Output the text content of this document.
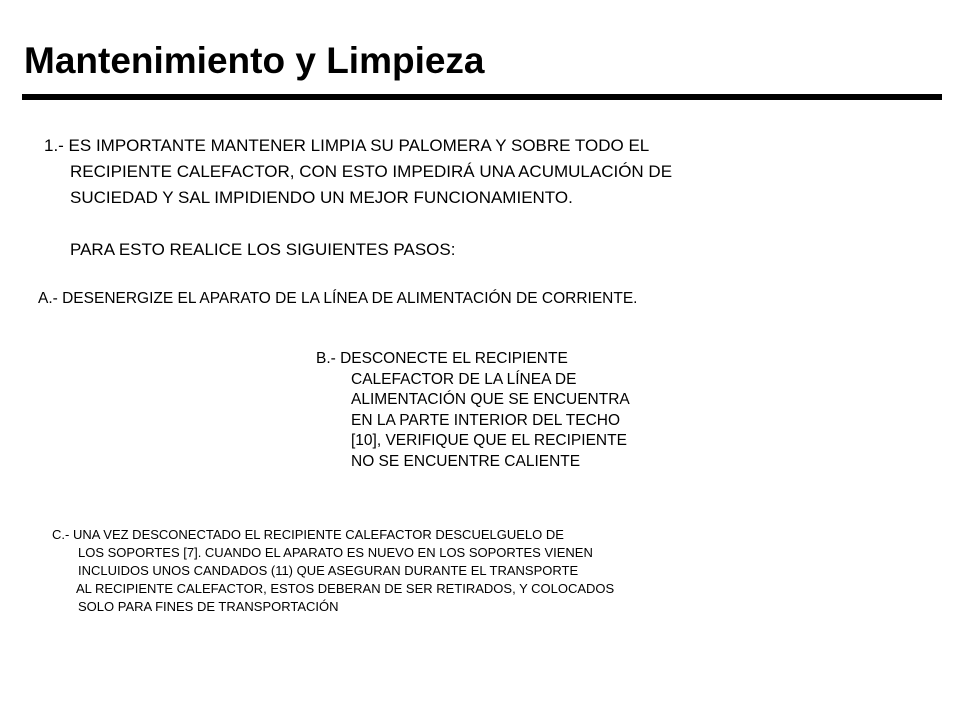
Mantenimiento y Limpieza
1.- ES IMPORTANTE MANTENER LIMPIA SU PALOMERA Y SOBRE TODO EL
RECIPIENTE CALEFACTOR, CON ESTO IMPEDIRÁ UNA ACUMULACIÓN DE
SUCIEDAD Y SAL IMPIDIENDO UN MEJOR FUNCIONAMIENTO.
PARA ESTO REALICE LOS SIGUIENTES PASOS:
A.- DESENERGIZE EL APARATO DE LA LÍNEA DE ALIMENTACIÓN DE CORRIENTE.
B.- DESCONECTE EL RECIPIENTE
CALEFACTOR DE LA LÍNEA DE
ALIMENTACIÓN QUE SE ENCUENTRA
EN LA PARTE INTERIOR DEL TECHO
[10], VERIFIQUE QUE EL RECIPIENTE
NO SE ENCUENTRE CALIENTE
C.- UNA VEZ DESCONECTADO EL RECIPIENTE CALEFACTOR DESCUELGUELO DE
LOS SOPORTES [7]. CUANDO EL APARATO ES NUEVO EN LOS SOPORTES VIENEN
INCLUIDOS UNOS CANDADOS (11) QUE ASEGURAN DURANTE EL TRANSPORTE
AL RECIPIENTE CALEFACTOR, ESTOS DEBERAN DE SER RETIRADOS, Y COLOCADOS
SOLO PARA FINES DE TRANSPORTACIÓN
